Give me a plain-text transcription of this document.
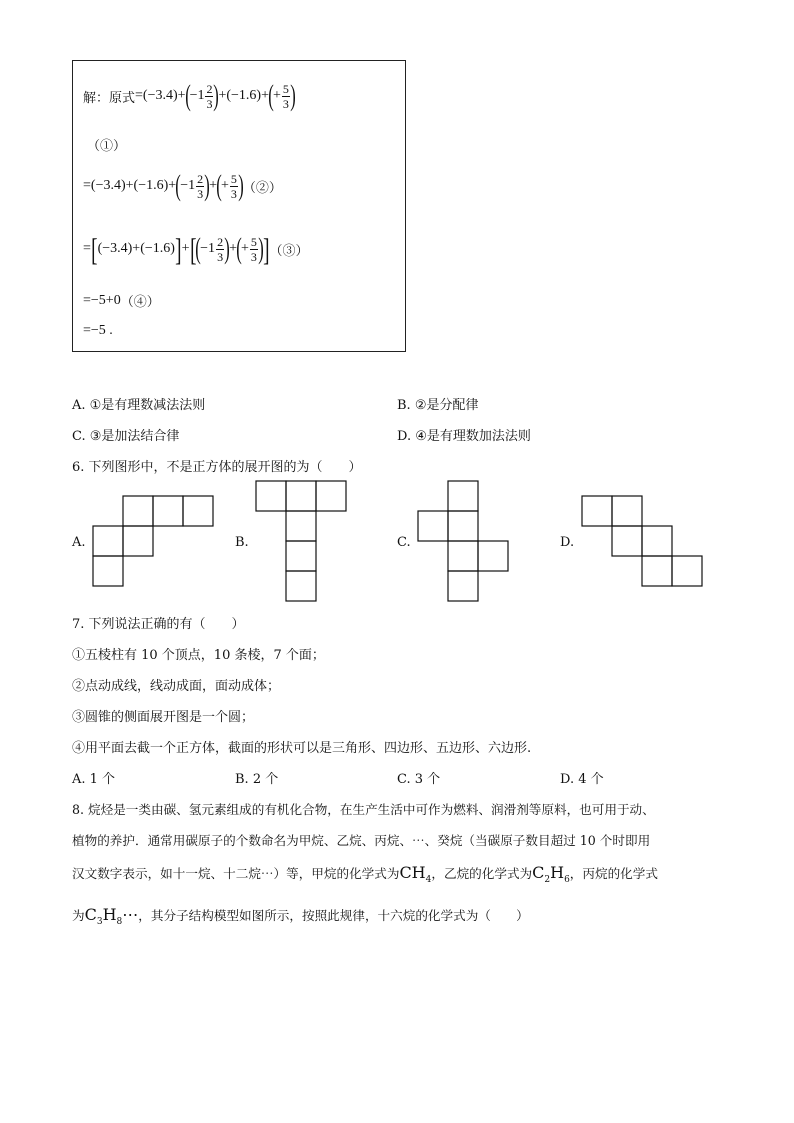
解：原式 = (−3.4) + ( $-1 \frac{2}{3}$ ) + (−1.6) + ( + $\frac{5}{3}$ )
（①）
= (−3.4) + (−1.6) + ( $-1 \frac{2}{3}$ ) + ( + $\frac{5}{3}$ ) （②）
= [ (−3.4) + (−1.6) ] + [ ( $-1 \frac{2}{3}$ ) + ( + $\frac{5}{3}$ ) ] （③）
= −5+0 （④）
= −5 .
A. ①是有理数减法法则	B. ②是分配律
C. ③是加法结合律	D. ④是有理数加法法则
6. 下列图形中，不是正方体的展开图的为（　　）
A.	B.	C.	D.
7. 下列说法正确的有（　　）
①五棱柱有 10 个顶点，10 条棱，7 个面；
②点动成线，线动成面，面动成体；
③圆锥的侧面展开图是一个圆；
④用平面去截一个正方体，截面的形状可以是三角形、四边形、五边形、六边形.
A. 1 个	B. 2 个	C. 3 个	D. 4 个
8. 烷烃是一类由碳、氢元素组成的有机化合物，在生产生活中可作为燃料、润滑剂等原料，也可用于动、
植物的养护．通常用碳原子的个数命名为甲烷、乙烷、丙烷、⋯、癸烷（当碳原子数目超过 10 个时即用
汉文数字表示，如十一烷、十二烷⋯）等，甲烷的化学式为 $CH_4$ ，乙烷的化学式为 $C_2H_6$ ，丙烷的化学式
为 $C_3H_8\cdots$ ，其分子结构模型如图所示，按照此规律，十六烷的化学式为（　　）
